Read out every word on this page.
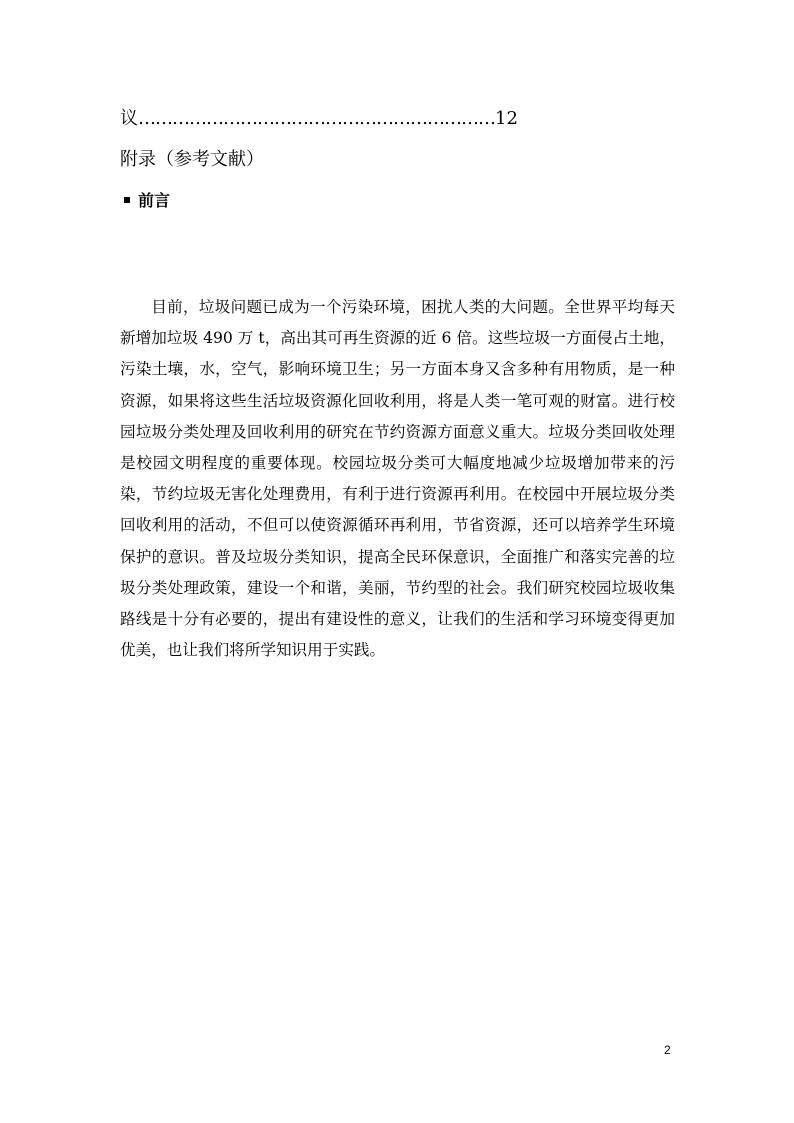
议………………………………………………………12
附录（参考文献）
前言
目前，垃圾问题已成为一个污染环境，困扰人类的大问题。全世界平均每天新增加垃圾 490 万 t，高出其可再生资源的近 6 倍。这些垃圾一方面侵占土地，污染土壤，水，空气，影响环境卫生；另一方面本身又含多种有用物质，是一种资源，如果将这些生活垃圾资源化回收利用，将是人类一笔可观的财富。进行校园垃圾分类处理及回收利用的研究在节约资源方面意义重大。垃圾分类回收处理是校园文明程度的重要体现。校园垃圾分类可大幅度地减少垃圾增加带来的污染，节约垃圾无害化处理费用，有利于进行资源再利用。在校园中开展垃圾分类回收利用的活动，不但可以使资源循环再利用，节省资源，还可以培养学生环境保护的意识。普及垃圾分类知识，提高全民环保意识，全面推广和落实完善的垃圾分类处理政策，建设一个和谐，美丽，节约型的社会。我们研究校园垃圾收集路线是十分有必要的，提出有建设性的意义，让我们的生活和学习环境变得更加优美，也让我们将所学知识用于实践。
2
